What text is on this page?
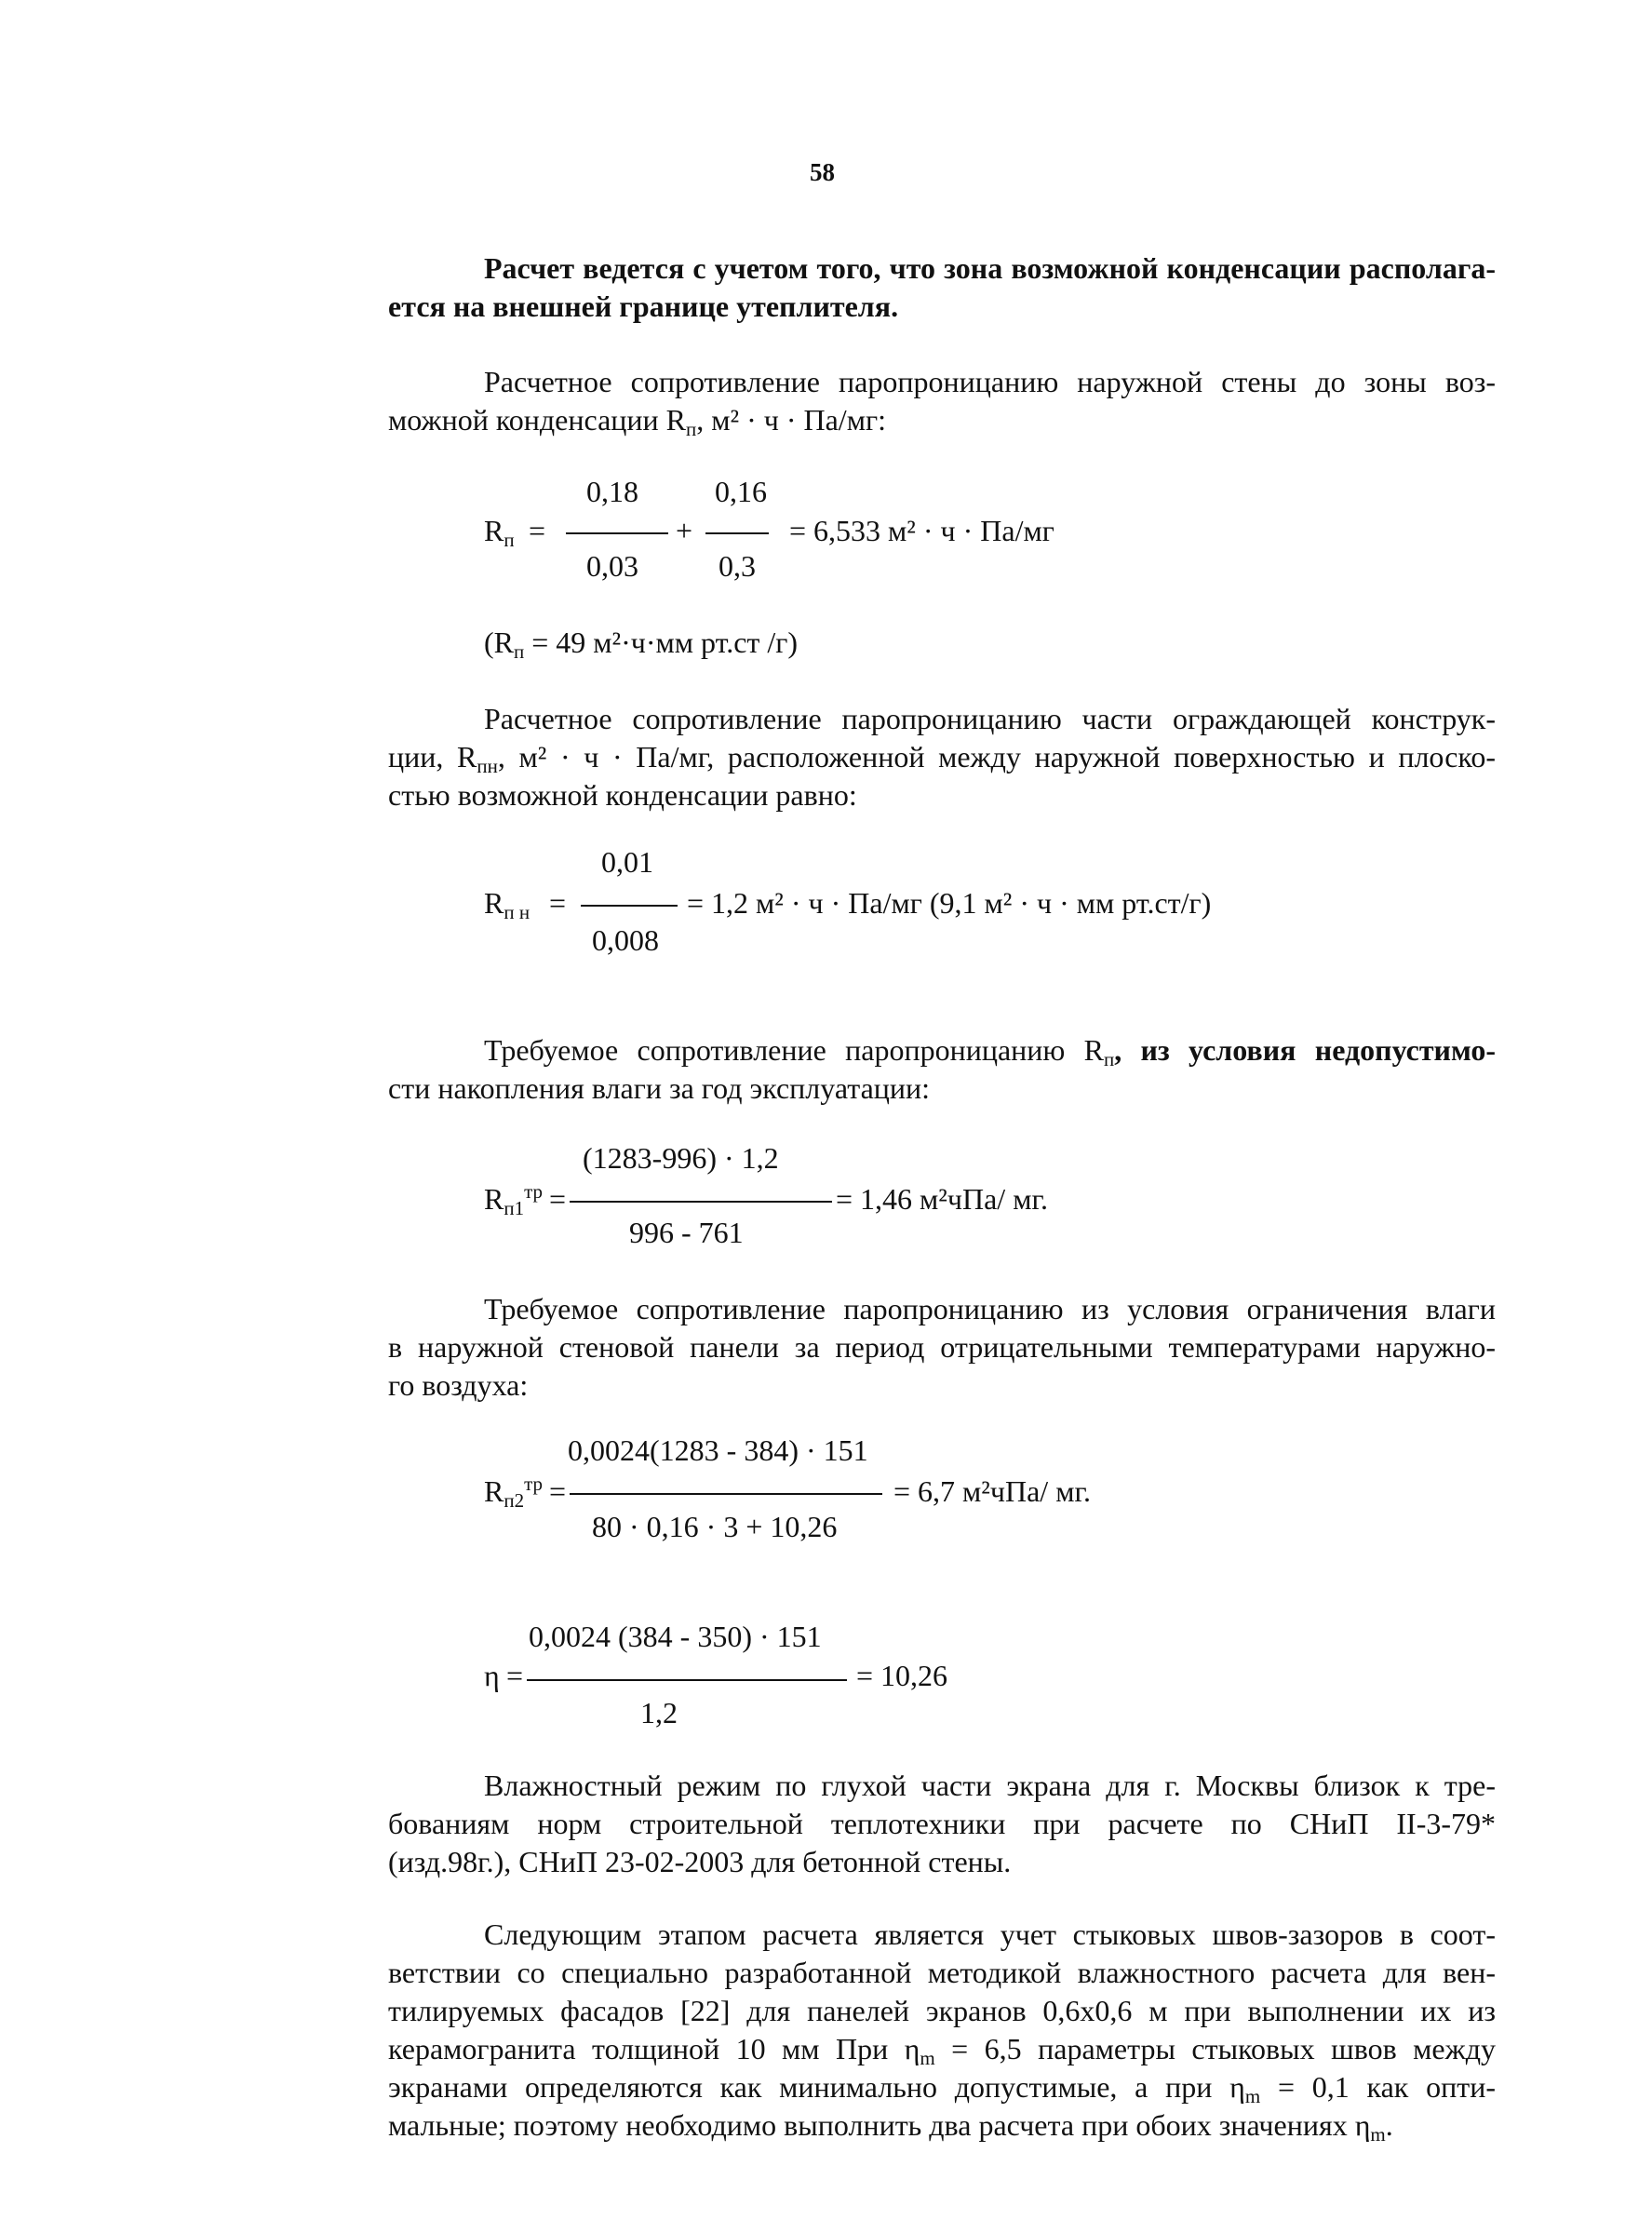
58
Расчет ведется с учетом того, что зона возможной конденсации располага-
ется на внешней границе утеплителя.
Расчетное сопротивление паропроницанию наружной стены до зоны воз-
можной конденсации $R_п$, м² · ч · Па/мг:
$R_п$ =
0,18
0,03
+
0,16
0,3
= 6,533 м² · ч · Па/мг
($R_п = 49$ м²·ч·мм рт.ст /г)
Расчетное сопротивление паропроницанию части ограждающей конструк-
ции, $R_{пн}$, м² · ч · Па/мг, расположенной между наружной поверхностью и плоско-
стью возможной конденсации равно:
$R_{п н}$ =
0,01
0,008
= 1,2 м² · ч · Па/мг (9,1 м² · ч · мм рт.ст/г)
Требуемое сопротивление паропроницанию $R_п$, из условия недопустимо-
сти накопления влаги за год эксплуатации:
$R_{п1}^{тр}$ =
(1283-996) · 1,2
996 - 761
= 1,46 м²чПа/ мг.
Требуемое сопротивление паропроницанию из условия ограничения влаги
в наружной стеновой панели за период отрицательными температурами наружно-
го воздуха:
$R_{п2}^{тр}$ =
0,0024(1283 - 384) · 151
80 · 0,16 · 3 + 10,26
= 6,7 м²чПа/ мг.
η =
0,0024 (384 - 350) · 151
1,2
= 10,26
Влажностный режим по глухой части экрана для г. Москвы близок к тре-
бованиям норм строительной теплотехники при расчете по СНиП II-3-79*
(изд.98г.), СНиП 23-02-2003 для бетонной стены.
Следующим этапом расчета является учет стыковых швов-зазоров в соот-
ветствии со специально разработанной методикой влажностного расчета для вен-
тилируемых фасадов [22] для панелей экранов 0,6х0,6 м при выполнении их из
керамогранита толщиной 10 мм При $\eta_m = 6,5$ параметры стыковых швов между
экранами определяются как минимально допустимые, а при $\eta_m = 0,1$ как опти-
мальные; поэтому необходимо выполнить два расчета при обоих значениях $\eta_m$.
